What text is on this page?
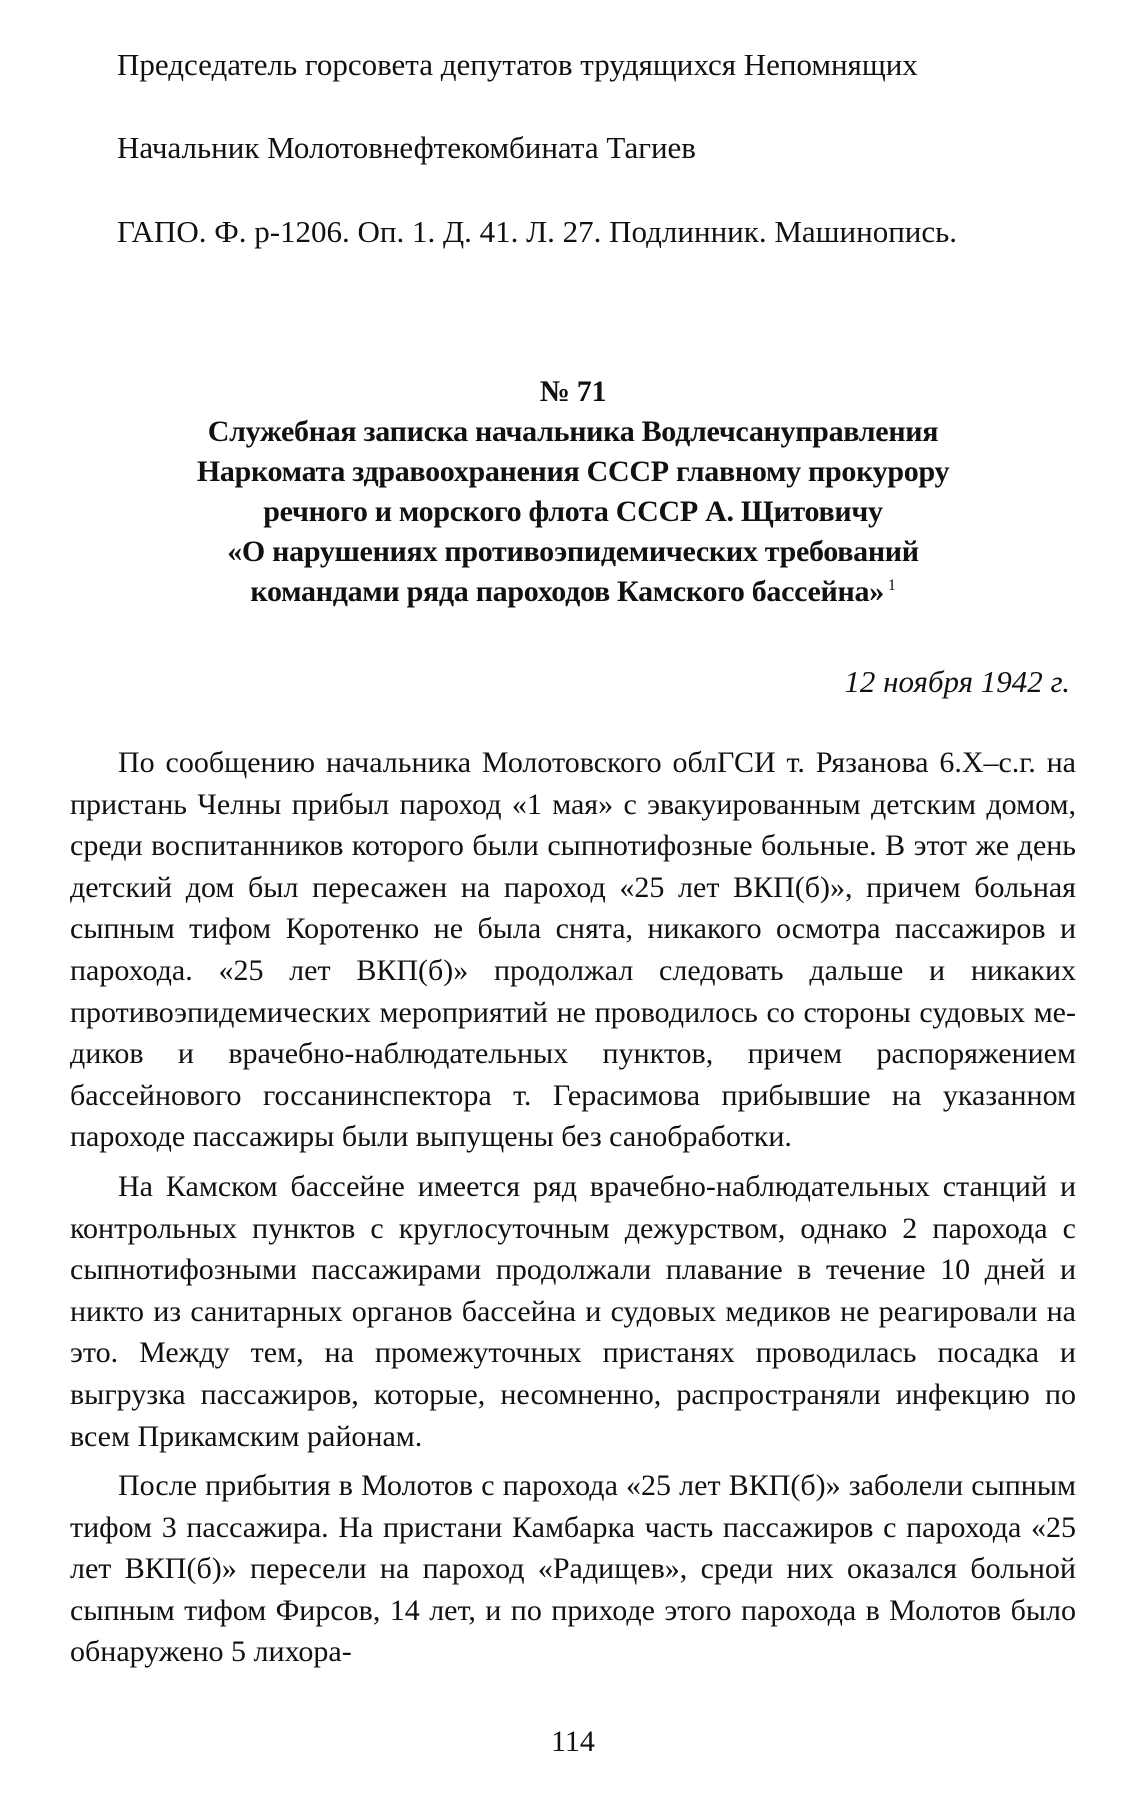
Председатель горсовета депутатов трудящихся Непомнящих
Начальник Молотовнефтекомбината Тагиев
ГАПО. Ф. р-1206. Оп. 1. Д. 41. Л. 27. Подлинник. Машинопись.
№ 71
Служебная записка начальника Водлечсануправления
Наркомата здравоохранения СССР главному прокурору
речного и морского флота СССР А. Щитовичу
«О нарушениях противоэпидемических требований
командами ряда пароходов Камского бассейна» $^1$
12 ноября 1942 г.

По сообщению начальника Молотовского облГСИ т. Рязанова 6.Х–с.г. на пристань Челны прибыл пароход «1 мая» с эвакуированным детским домом, среди воспитанников которого были сыпнотифозные больные. В этот же день детский дом был пересажен на пароход «25 лет ВКП(б)», причем больная сыпным тифом Коротенко не была снята, никакого осмотра пассажиров и парохода. «25 лет ВКП(б)» продолжал следовать дальше и никаких противоэпидемических мероприятий не проводилось со стороны судовых медиков и врачебно-наблюдательных пунктов, причем распоряжением бассейнового госсанинспектора т. Герасимова прибывшие на указанном пароходе пассажиры были выпущены без санобработки.

На Камском бассейне имеется ряд врачебно-наблюдательных станций и контрольных пунктов с круглосуточным дежурством, однако 2 парохода с сыпнотифозными пассажирами продолжали плавание в течение 10 дней и никто из санитарных органов бассейна и судовых медиков не реагировали на это. Между тем, на промежуточных пристанях проводилась посадка и выгрузка пассажиров, которые, несомненно, распространяли инфекцию по всем Прикамским районам.

После прибытия в Молотов с парохода «25 лет ВКП(б)» заболели сыпным тифом 3 пассажира. На пристани Камбарка часть пассажиров с парохода «25 лет ВКП(б)» пересели на пароход «Радищев», среди них оказался больной сыпным тифом Фирсов, 14 лет, и по приходе этого парохода в Молотов было обнаружено 5 лихора-

114
